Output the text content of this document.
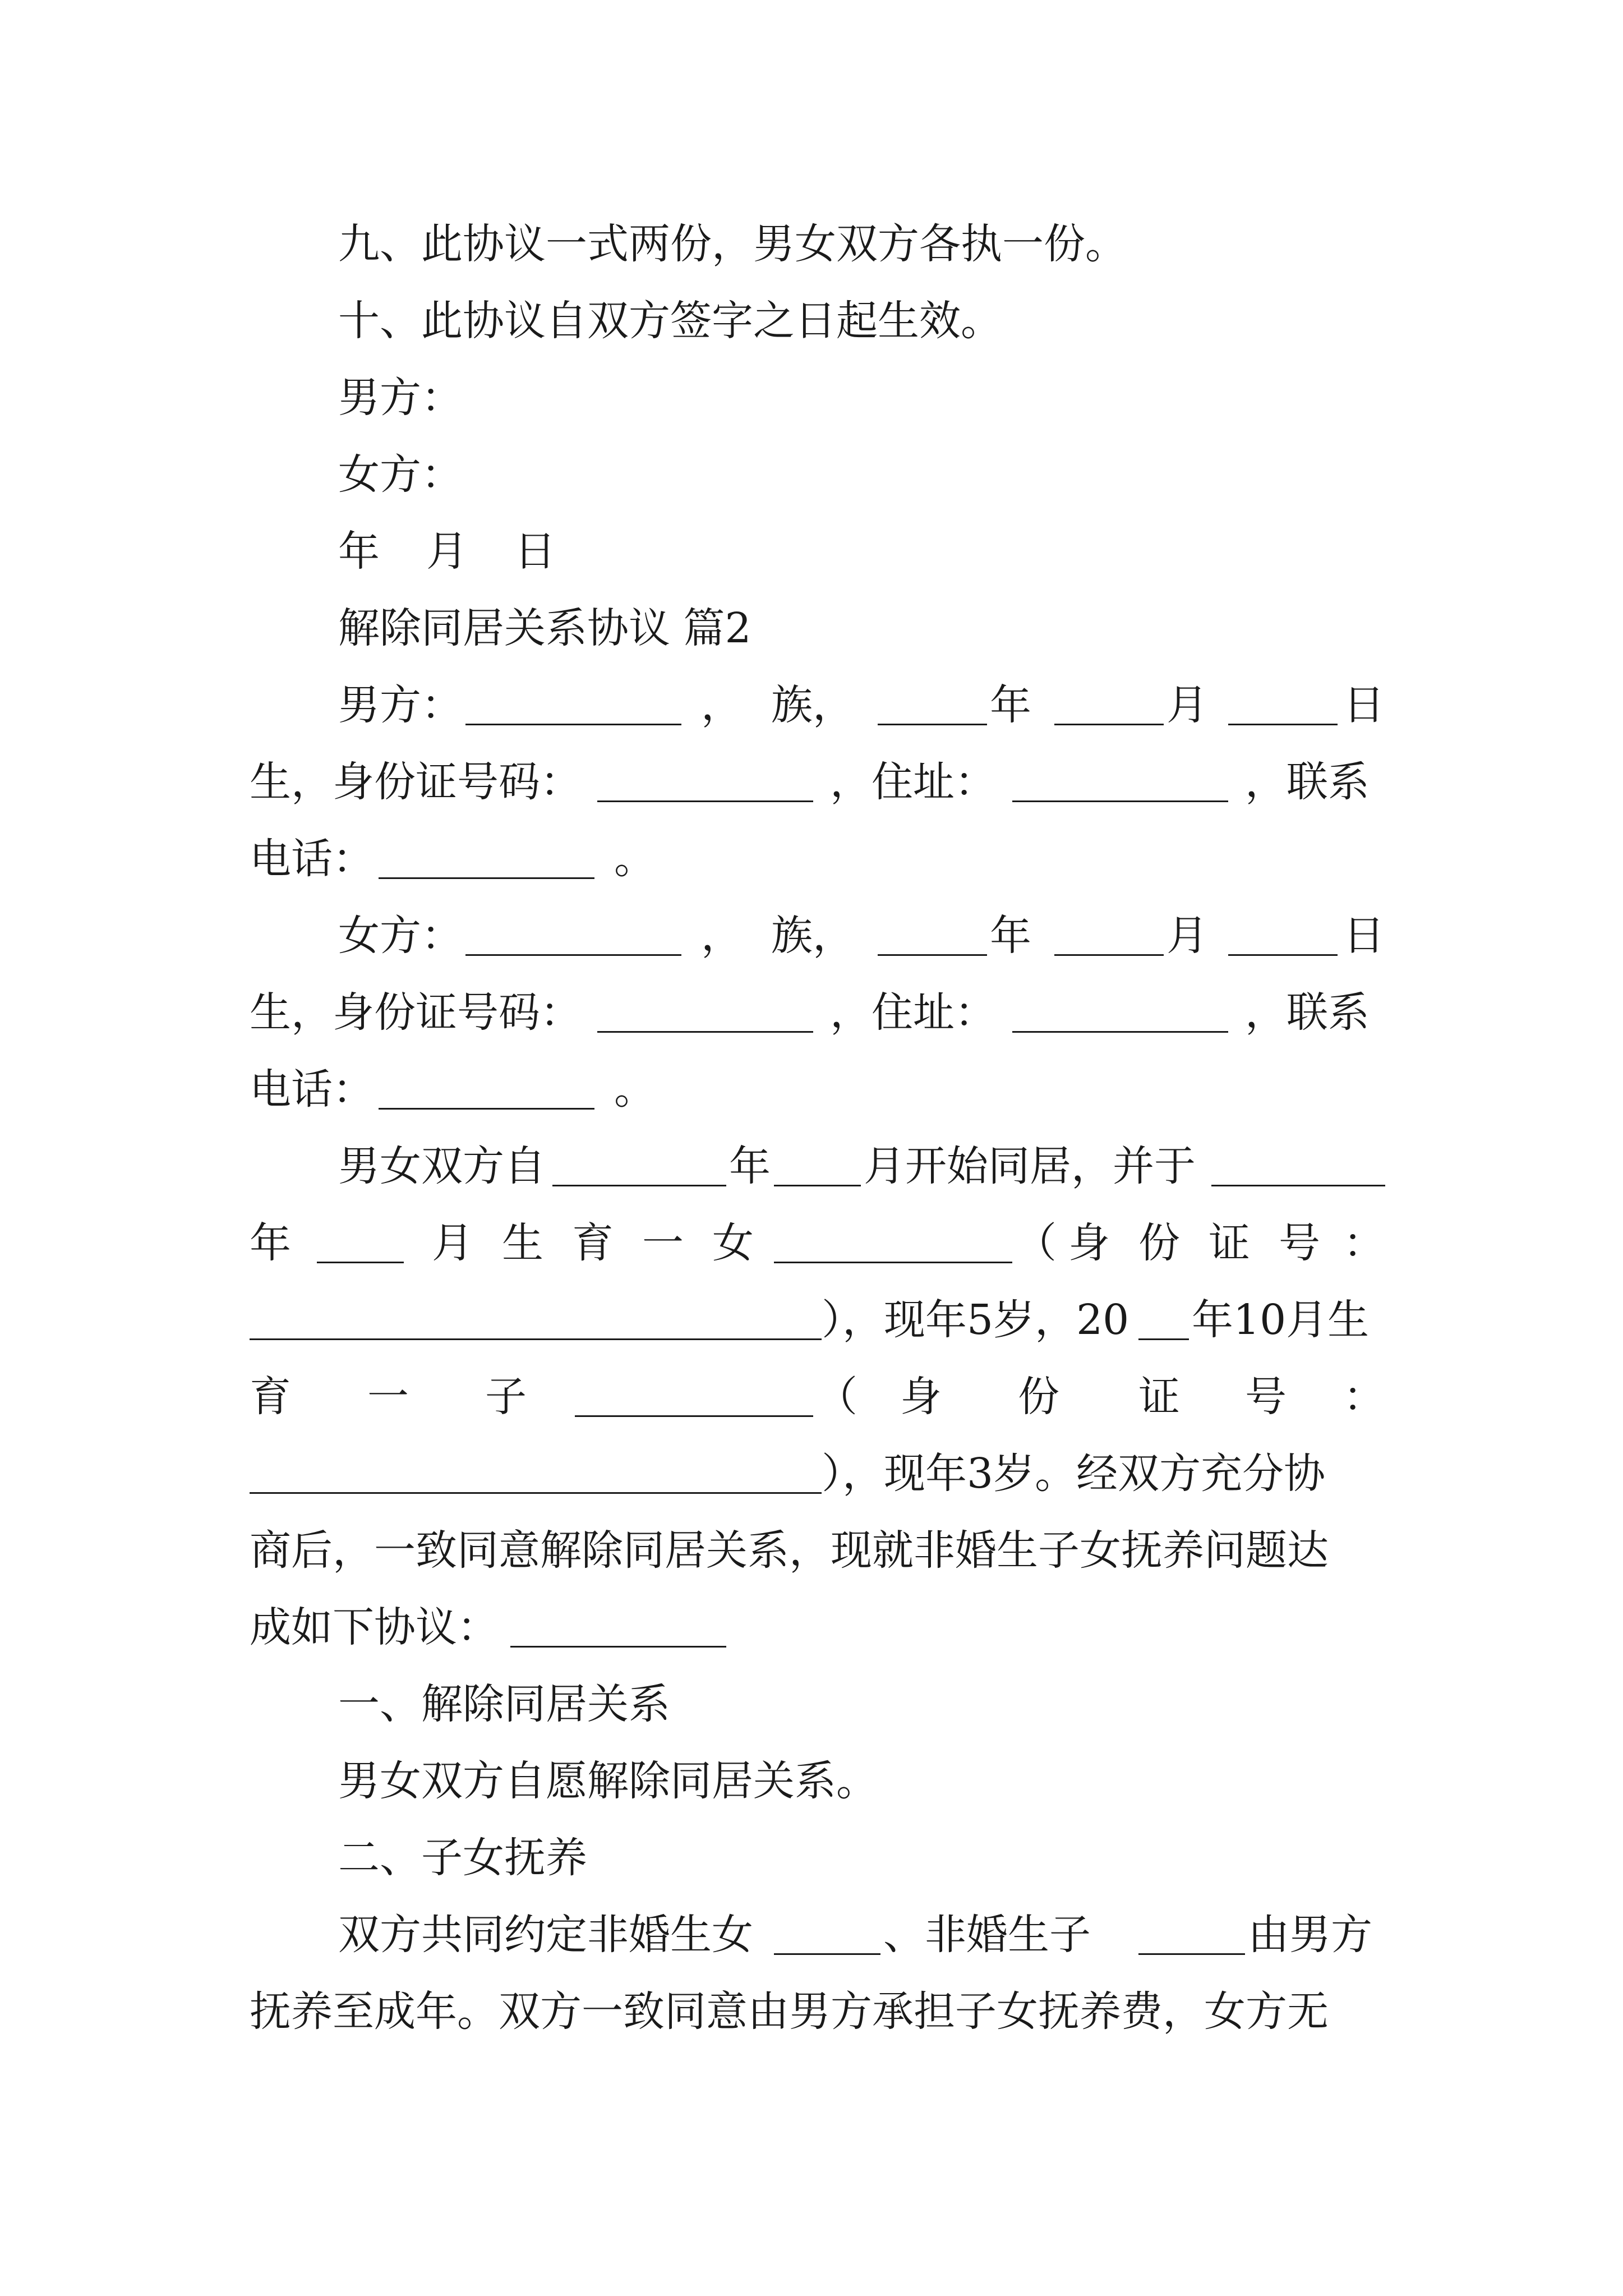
九、此协议一式两份，男女双方各执一份。
十、此协议自双方签字之日起生效。
男方：
女方：
年 月 日
解除同居关系协议 篇2
男方：	， 族，	年	月	日
生，身份证号码：	，住址：	，联系
电话：	。
女方：	， 族，	年	月	日
生，身份证号码：	，住址：	，联系
电话：	。
男女双方自	年 月开始同居，并于
年	月 生 育 一 女	（ 身 份 证 号 ：
），现年5岁，20 年10月生
育 一 子	（ 身 份 证 号 ：
），现年3岁。经双方充分协
商后，一致同意解除同居关系，现就非婚生子女抚养问题达
成如下协议：
一、解除同居关系
男女双方自愿解除同居关系。
二、子女抚养
双方共同约定非婚生女	、非婚生子	由男方
抚养至成年。双方一致同意由男方承担子女抚养费，女方无
